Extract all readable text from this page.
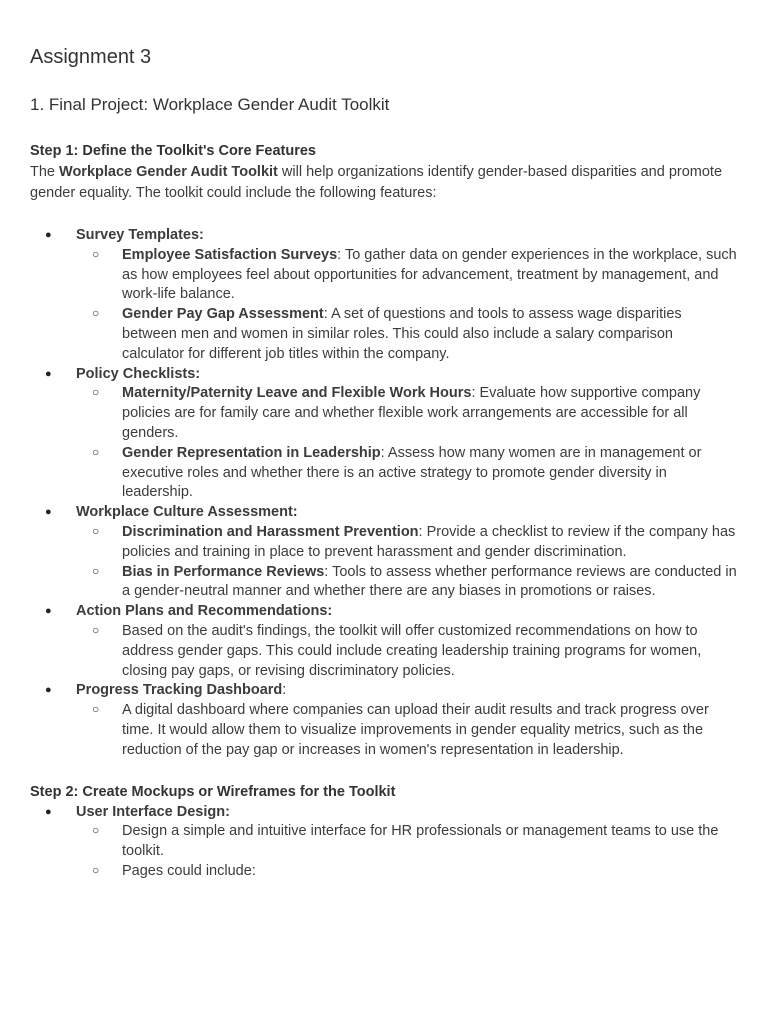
Assignment 3
1. Final Project: Workplace Gender Audit Toolkit
Step 1: Define the Toolkit's Core Features

The Workplace Gender Audit Toolkit will help organizations identify gender-based disparities and promote gender equality. The toolkit could include the following features:

● Survey Templates:
○ Employee Satisfaction Surveys: To gather data on gender experiences in the workplace, such as how employees feel about opportunities for advancement, treatment by management, and work-life balance.
○ Gender Pay Gap Assessment: A set of questions and tools to assess wage disparities between men and women in similar roles. This could also include a salary comparison calculator for different job titles within the company.
● Policy Checklists:
○ Maternity/Paternity Leave and Flexible Work Hours: Evaluate how supportive company policies are for family care and whether flexible work arrangements are accessible for all genders.
○ Gender Representation in Leadership: Assess how many women are in management or executive roles and whether there is an active strategy to promote gender diversity in leadership.
● Workplace Culture Assessment:
○ Discrimination and Harassment Prevention: Provide a checklist to review if the company has policies and training in place to prevent harassment and gender discrimination.
○ Bias in Performance Reviews: Tools to assess whether performance reviews are conducted in a gender-neutral manner and whether there are any biases in promotions or raises.
● Action Plans and Recommendations:
○ Based on the audit's findings, the toolkit will offer customized recommendations on how to address gender gaps. This could include creating leadership training programs for women, closing pay gaps, or revising discriminatory policies.
● Progress Tracking Dashboard:
○ A digital dashboard where companies can upload their audit results and track progress over time. It would allow them to visualize improvements in gender equality metrics, such as the reduction of the pay gap or increases in women's representation in leadership.
Step 2: Create Mockups or Wireframes for the Toolkit
● User Interface Design:
○ Design a simple and intuitive interface for HR professionals or management teams to use the toolkit.
○ Pages could include:
